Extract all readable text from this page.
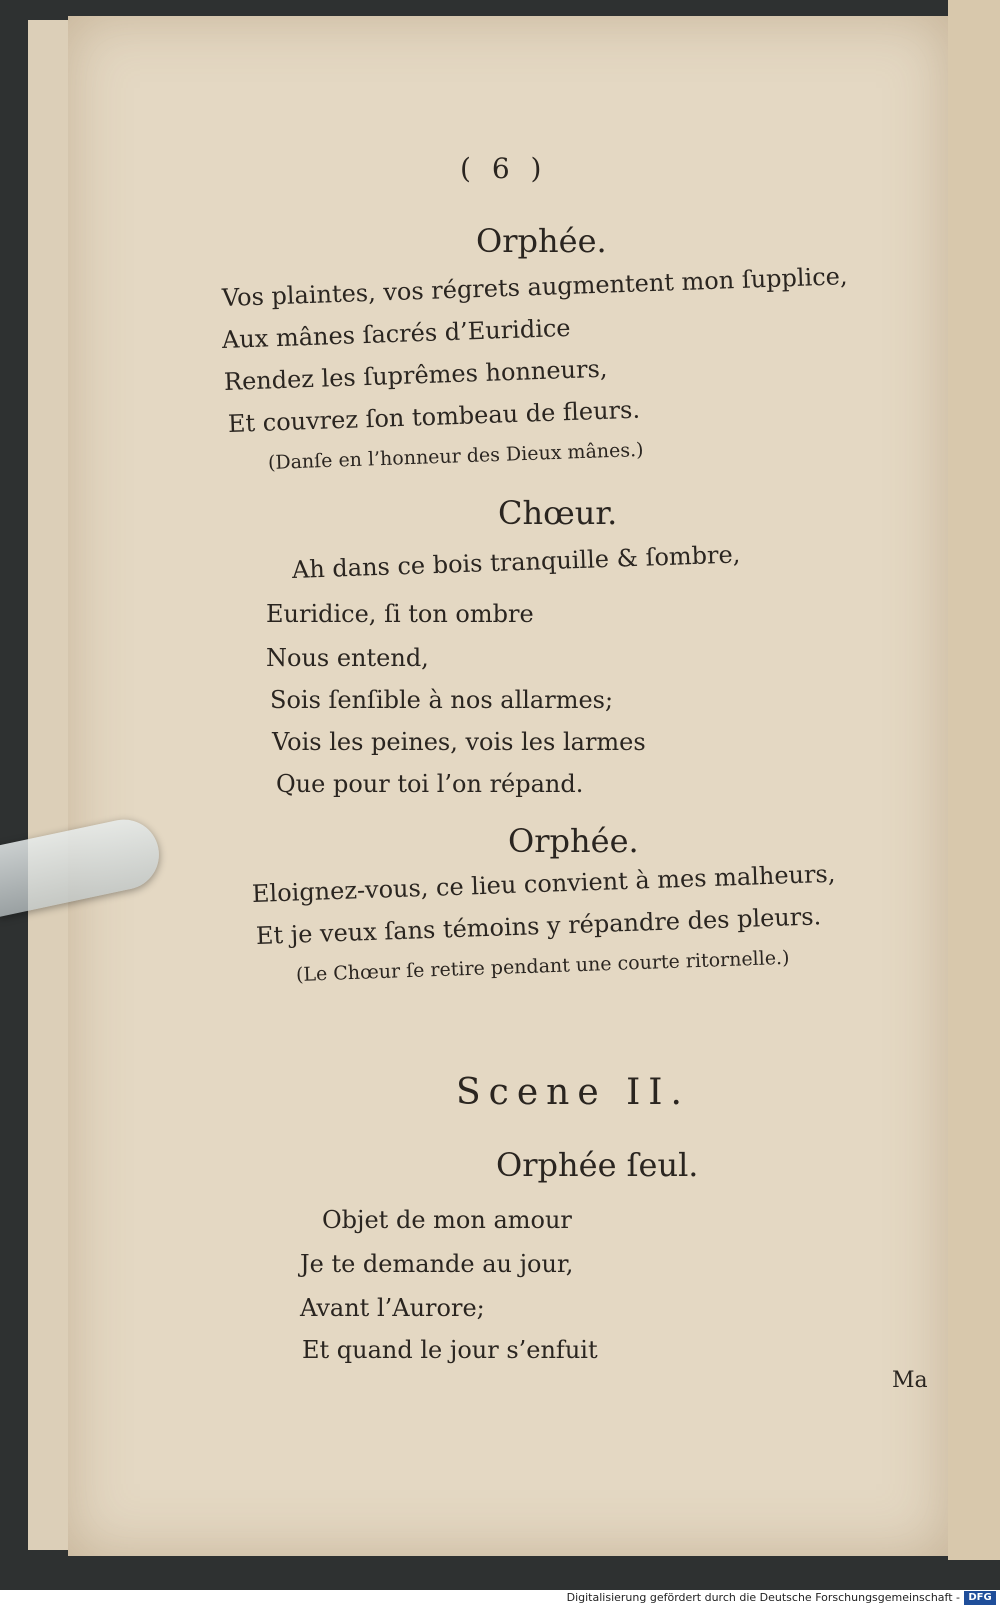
( 6 )
Orphée.
Vos plaintes, vos régrets augmentent mon ſupplice,
Aux mânes ſacrés d’Euridice
Rendez les ſuprêmes honneurs,
Et couvrez ſon tombeau de fleurs.
(Danſe en l’honneur des Dieux mânes.)
Chœur.
Ah dans ce bois tranquille & ſombre,
Euridice, ſi ton ombre
Nous entend,
Sois ſenſible à nos allarmes;
Vois les peines, vois les larmes
Que pour toi l’on répand.
Orphée.
Eloignez-vous, ce lieu convient à mes malheurs,
Et je veux ſans témoins y répandre des pleurs.
(Le Chœur ſe retire pendant une courte ritornelle.)
Scene II.
Orphée ſeul.
Objet de mon amour
Je te demande au jour,
Avant l’Aurore;
Et quand le jour s’enfuit
Ma
Digitalisierung gefördert durch die Deutsche Forschungsgemeinschaft - DFG
